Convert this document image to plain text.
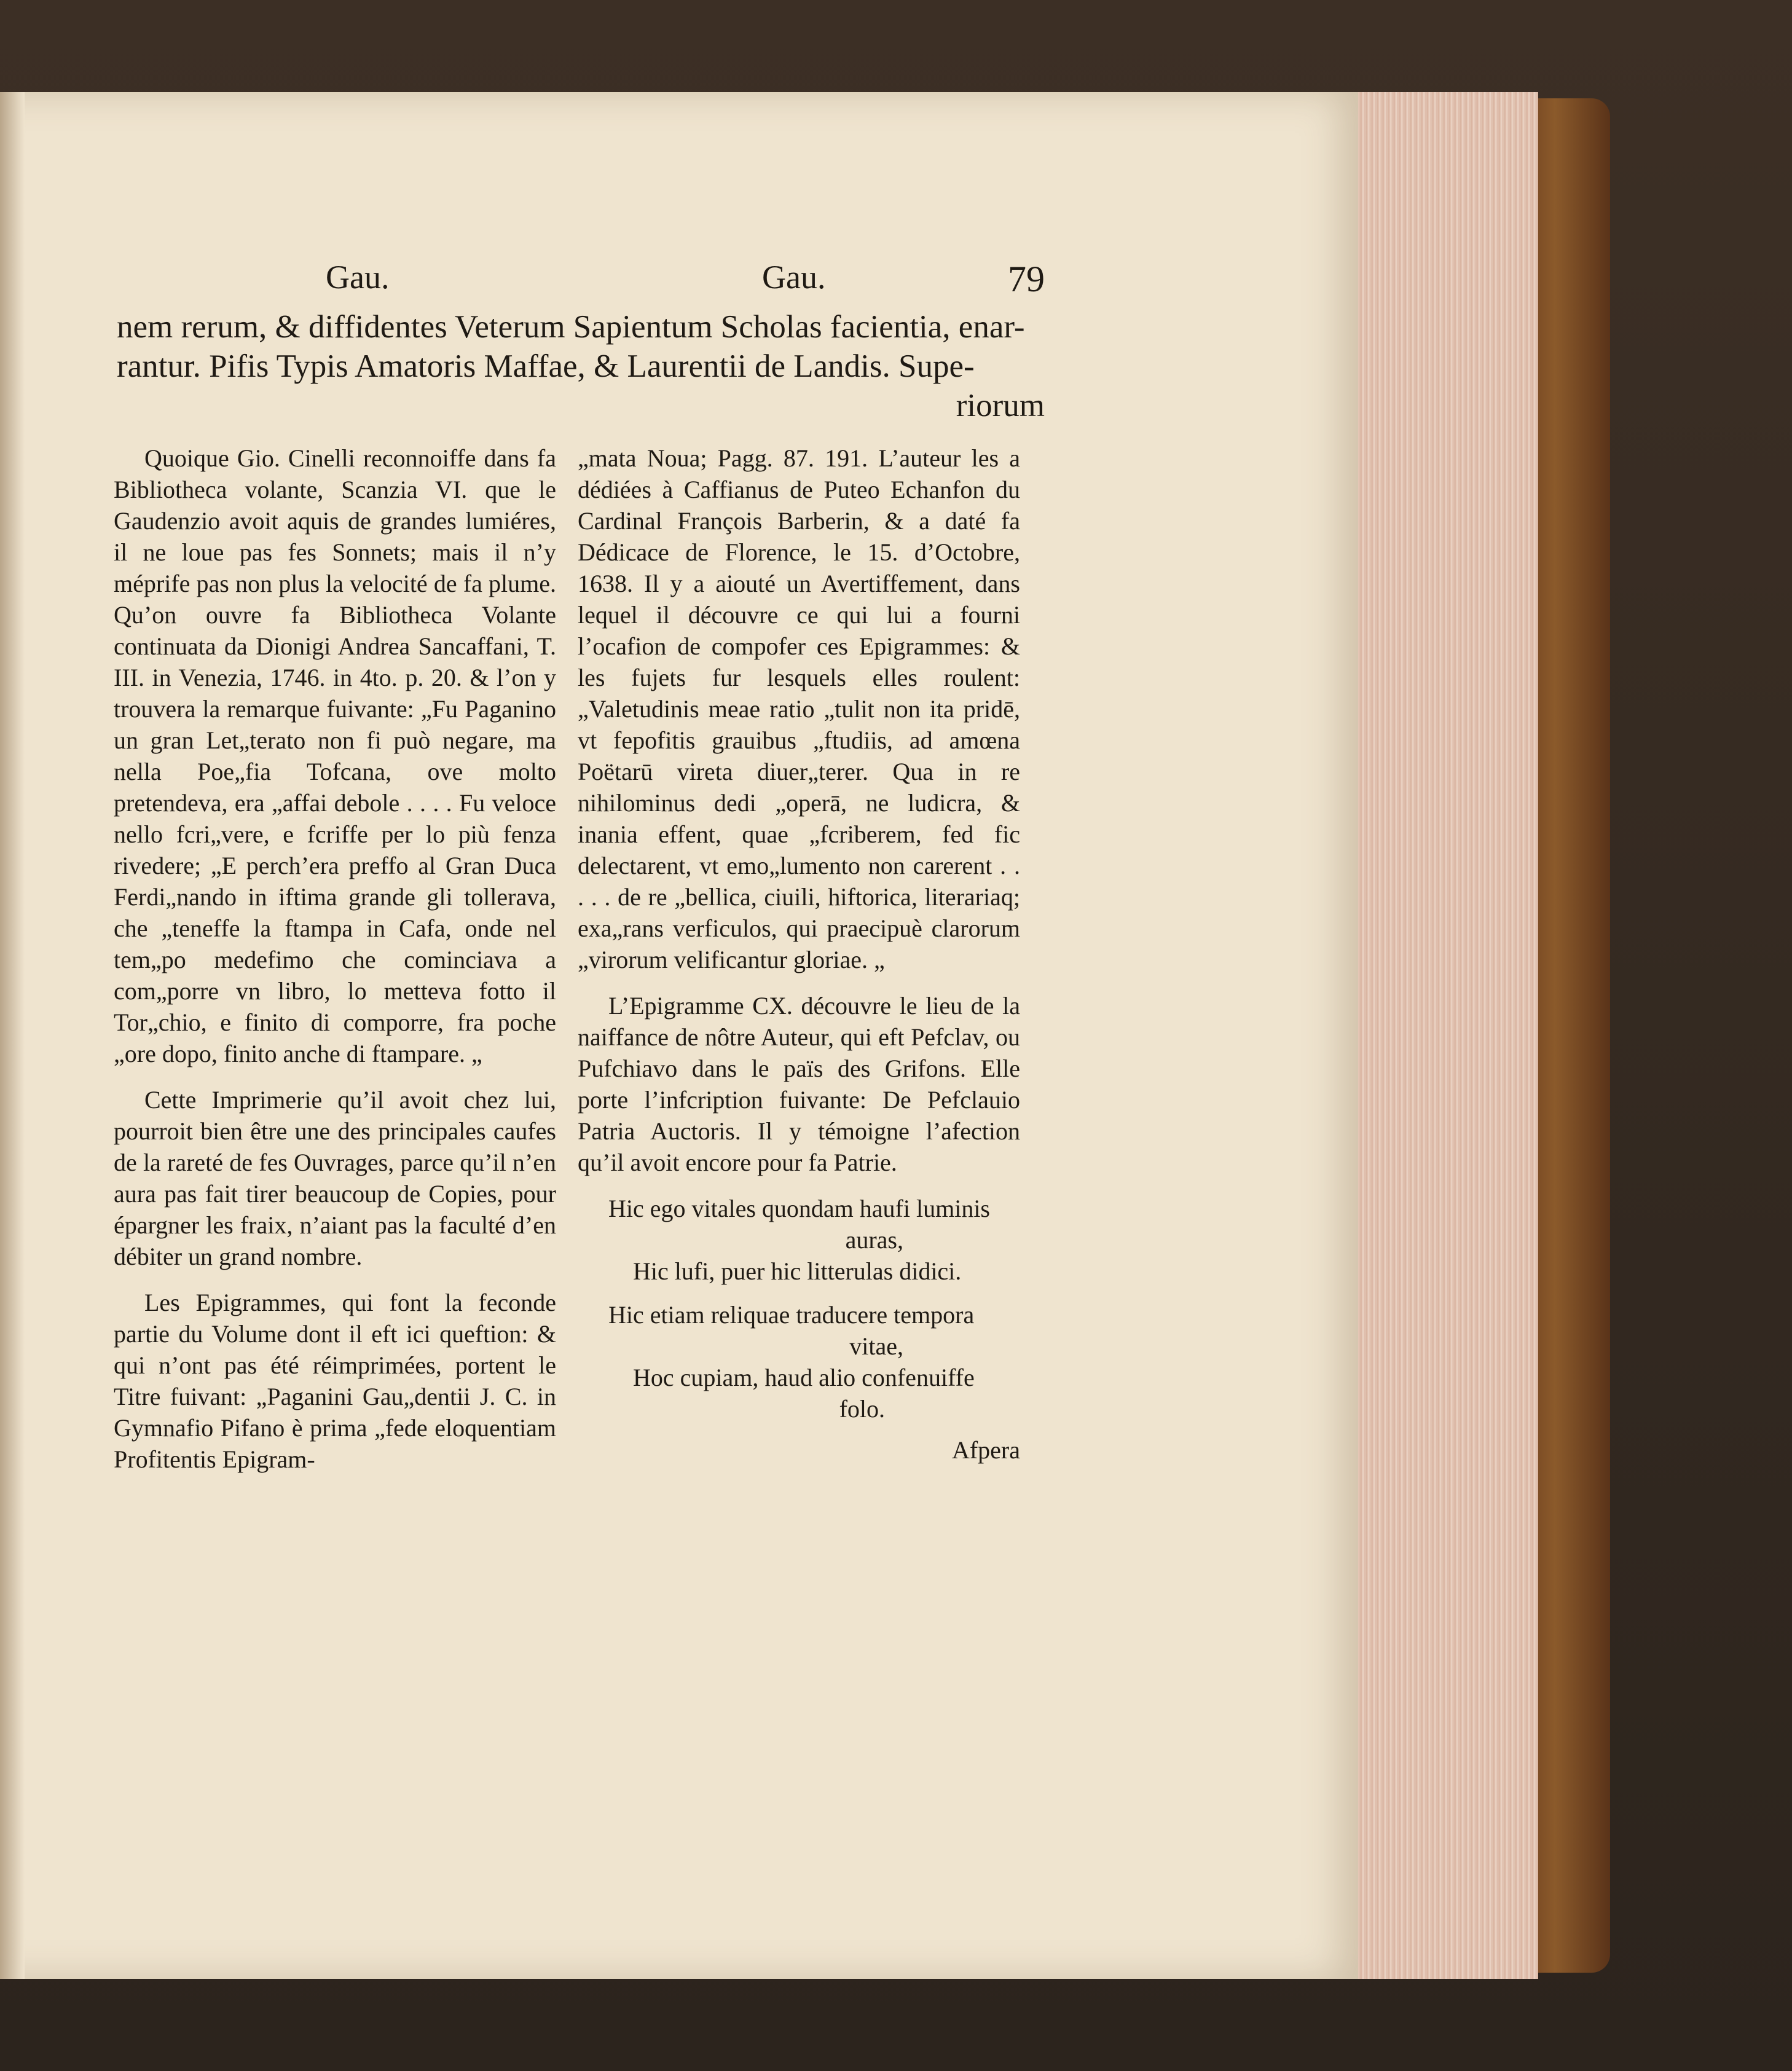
Gau.	Gau.	79
nem rerum, & diffidentes Veterum Sapientum Scholas facientia, enar-
rantur. Pifis Typis Amatoris Maffae, & Laurentii de Landis. Supe-
riorum

Quoique Gio. Cinelli reconnoiffe dans fa Bibliotheca volante, Scanzia VI. que le Gaudenzio avoit aquis de grandes lumiéres, il ne loue pas fes Sonnets; mais il n’y méprife pas non plus la velocité de fa plume. Qu’on ouvre fa Bibliotheca Volante continuata da Dionigi Andrea Sancaffani, T. III. in Venezia, 1746. in 4to. p. 20. & l’on y trouvera la remarque fuivante: „Fu Paganino un gran Let„terato non fi può negare, ma nella Poe„fia Tofcana, ove molto pretendeva, era „affai debole . . . . Fu veloce nello fcri„vere, e fcriffe per lo più fenza rivedere; „E perch’era preffo al Gran Duca Ferdi„nando in iftima grande gli tollerava, che „teneffe la ftampa in Cafa, onde nel tem„po medefimo che cominciava a com„porre vn libro, lo metteva fotto il Tor„chio, e finito di comporre, fra poche „ore dopo, finito anche di ftampare. „

Cette Imprimerie qu’il avoit chez lui, pourroit bien être une des principales caufes de la rareté de fes Ouvrages, parce qu’il n’en aura pas fait tirer beaucoup de Copies, pour épargner les fraix, n’aiant pas la faculté d’en débiter un grand nombre.

Les Epigrammes, qui font la feconde partie du Volume dont il eft ici queftion: & qui n’ont pas été réimprimées, portent le Titre fuivant: „Paganini Gau„dentii J. C. in Gymnafio Pifano è prima „fede eloquentiam Profitentis Epigram-

„mata Noua; Pagg. 87. 191. L’auteur les a dédiées à Caffianus de Puteo Echanfon du Cardinal François Barberin, & a daté fa Dédicace de Florence, le 15. d’Octobre, 1638. Il y a aiouté un Avertiffement, dans lequel il découvre ce qui lui a fourni l’ocafion de compofer ces Epigrammes: & les fujets fur lesquels elles roulent: „Valetudinis meae ratio „tulit non ita pridē, vt fepofitis grauibus „ftudiis, ad amœna Poëtarū vireta diuer„terer. Qua in re nihilominus dedi „operā, ne ludicra, & inania effent, quae „fcriberem, fed fic delectarent, vt emo„lumento non carerent . . . . . de re „bellica, ciuili, hiftorica, literariaq; exa„rans verficulos, qui praecipuè clarorum „virorum velificantur gloriae. „

L’Epigramme CX. découvre le lieu de la naiffance de nôtre Auteur, qui eft Pefclav, ou Pufchiavo dans le païs des Grifons. Elle porte l’infcription fuivante: De Pefclauio Patria Auctoris. Il y témoigne l’afection qu’il avoit encore pour fa Patrie.

Hic ego vitales quondam haufi luminis
auras,
Hic lufi, puer hic litterulas didici.
Hic etiam reliquae traducere tempora
vitae,
Hoc cupiam, haud alio confenuiffe
folo.
Afpera
